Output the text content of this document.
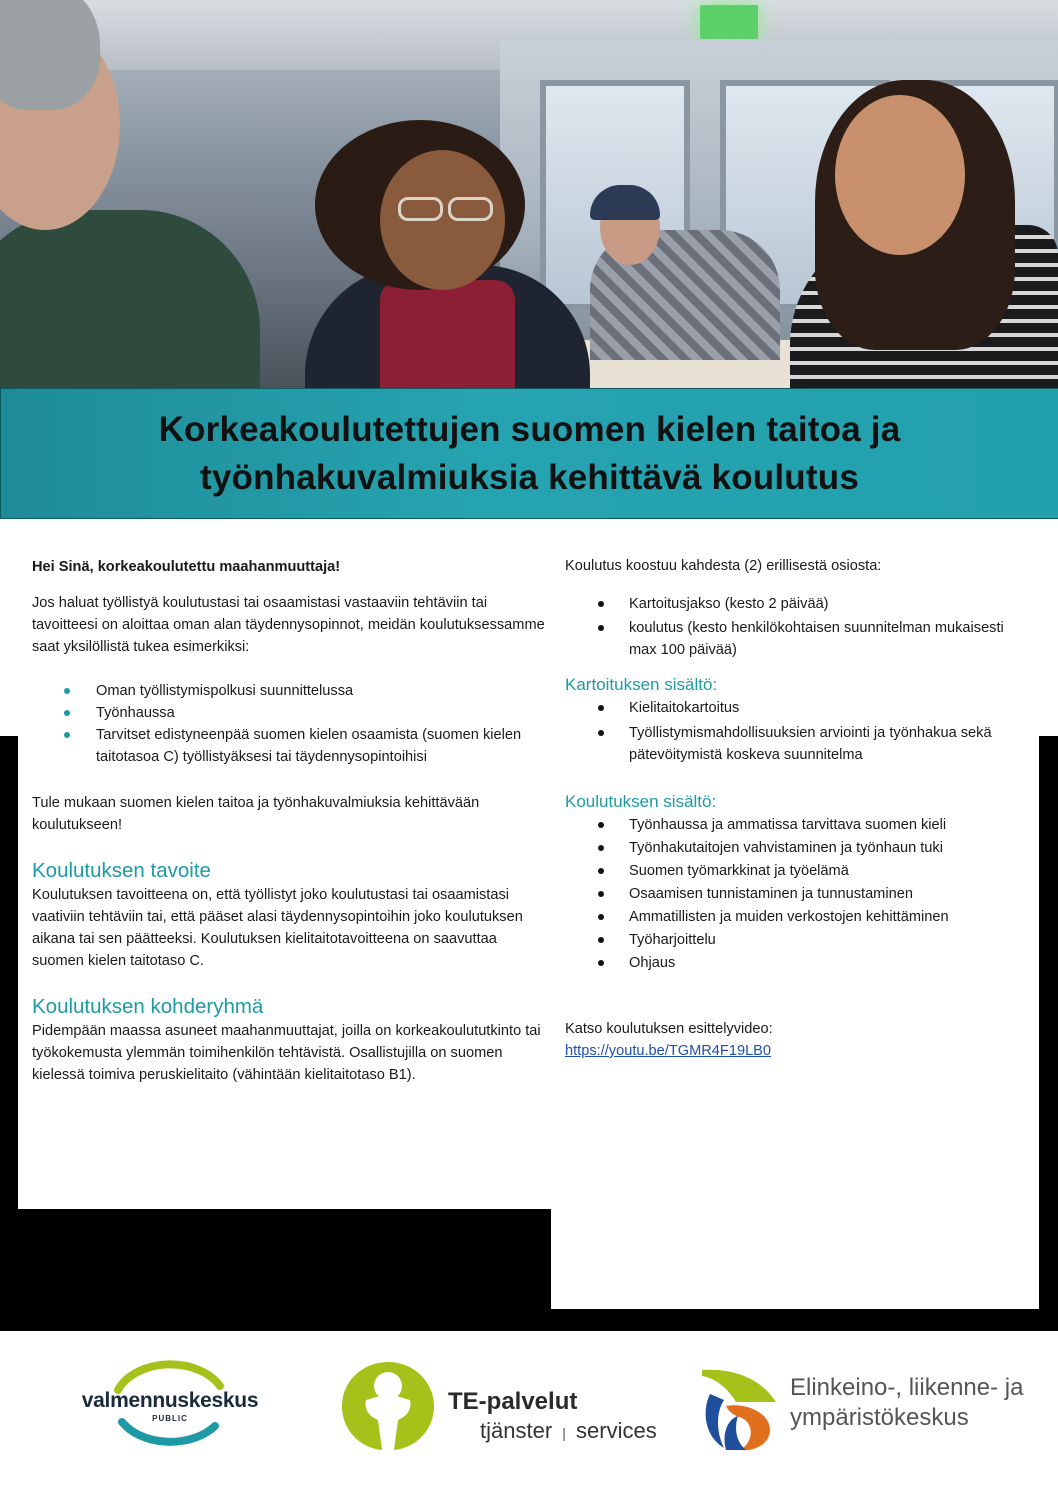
Korkeakoulutettujen suomen kielen taitoa ja
työnhakuvalmiuksia kehittävä koulutus

Hei Sinä, korkeakoulutettu maahanmuuttaja!

Jos haluat työllistyä koulutustasi tai osaamistasi vastaaviin tehtäviin tai tavoitteesi on aloittaa oman alan täydennysopinnot, meidän koulutuksessamme saat yksilöllistä tukea esimerkiksi:

Oman työllistymispolkusi suunnittelussa
Työnhaussa
Tarvitset edistyneenpää suomen kielen osaamista (suomen kielen taitotasoa C) työllistyäksesi tai täydennysopintoihisi

Tule mukaan suomen kielen taitoa ja työnhakuvalmiuksia kehittävään koulutukseen!

Koulutuksen tavoite

Koulutuksen tavoitteena on, että työllistyt joko koulutustasi tai osaamistasi vaativiin tehtäviin tai, että pääset alasi täydennysopintoihin joko koulutuksen aikana tai sen päätteeksi. Koulutuksen kielitaitotavoitteena on saavuttaa suomen kielen taitotaso C.

Koulutuksen kohderyhmä

Pidempään maassa asuneet maahanmuuttajat, joilla on korkeakoulututkinto tai työkokemusta ylemmän toimihenkilön tehtävistä. Osallistujilla on suomen kielessä toimiva peruskielitaito (vähintään kielitaitotaso B1).

Koulutus koostuu kahdesta (2) erillisestä osiosta:

Kartoitusjakso (kesto 2 päivää)
koulutus (kesto henkilökohtaisen suunnitelman mukaisesti max 100 päivää)
Kartoituksen sisältö:
Kielitaitokartoitus
Työllistymismahdollisuuksien arviointi ja työnhakua sekä pätevöitymistä koskeva suunnitelma
Koulutuksen sisältö:
Työnhaussa ja ammatissa tarvittava suomen kieli
Työnhakutaitojen vahvistaminen ja työnhaun tuki
Suomen työmarkkinat ja työelämä
Osaamisen tunnistaminen ja tunnustaminen
Ammatillisten ja muiden verkostojen kehittäminen
Työharjoittelu
Ohjaus

Katso koulutuksen esittelyvideo:

https://youtu.be/TGMR4F19LB0
valmennuskeskus
PUBLIC
TE-palvelut
tjänster | services
Elinkeino-, liikenne- ja
ympäristökeskus
